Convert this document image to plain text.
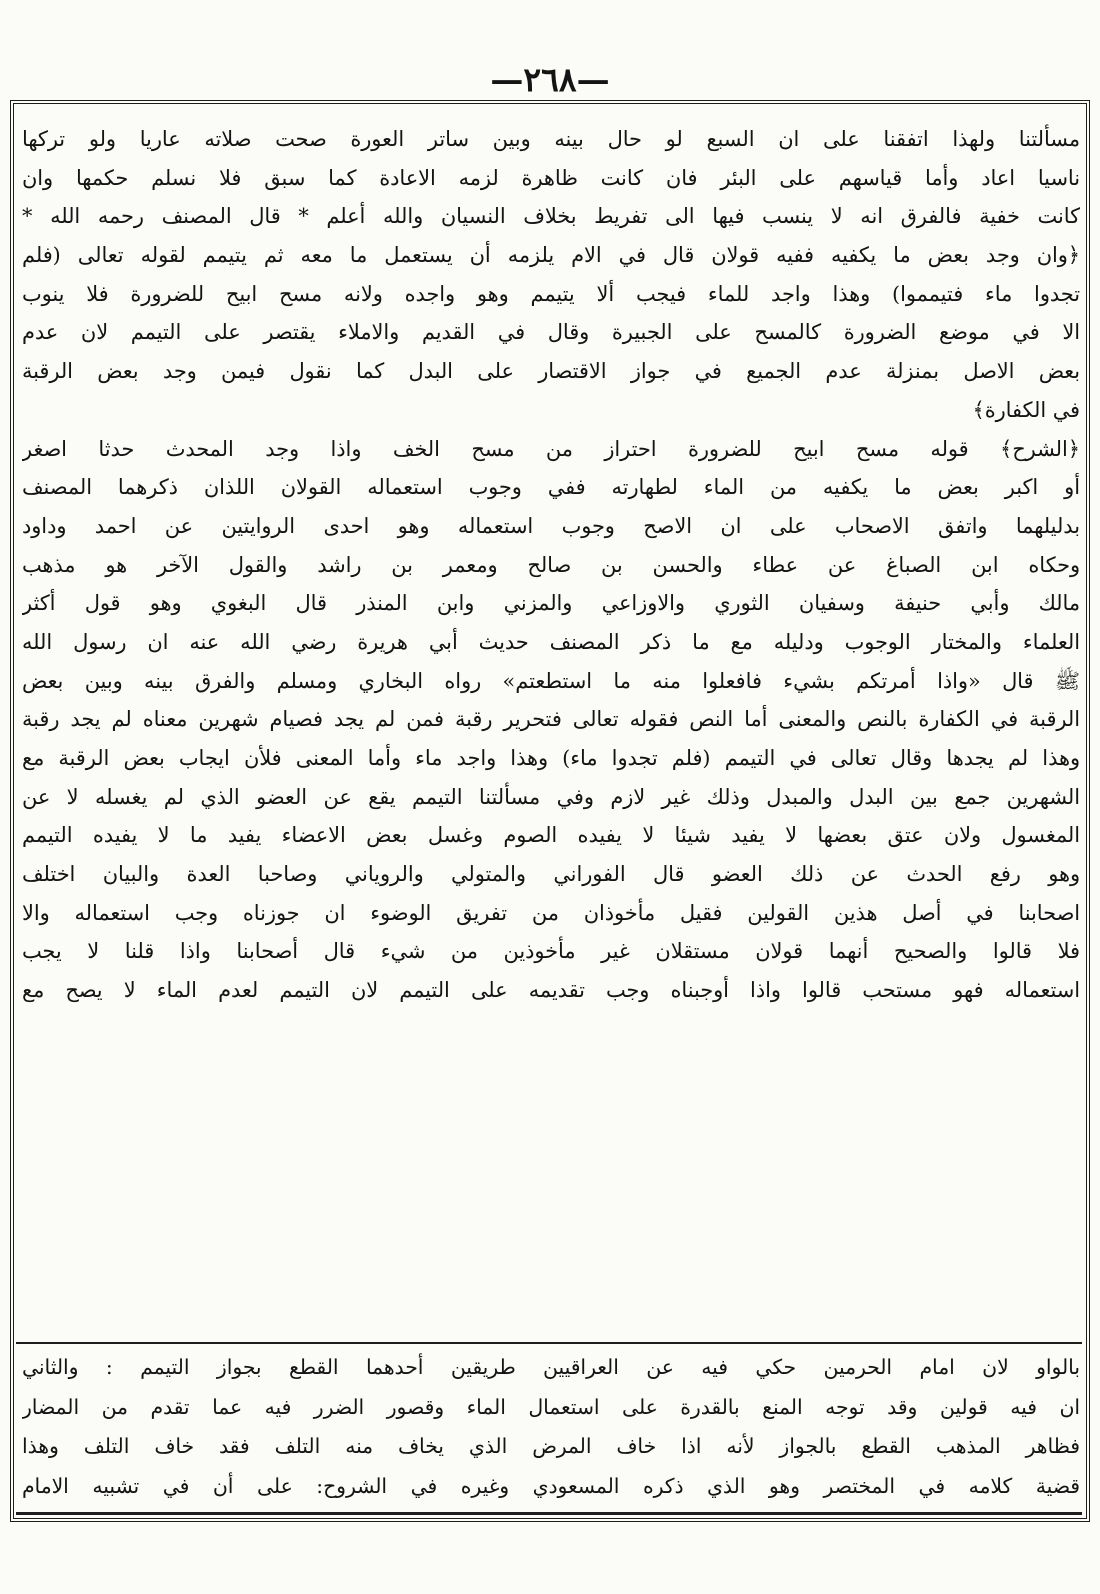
—٢٦٨—
مسألتنا ولهذا اتفقنا على ان السبع لو حال بينه وبين ساتر العورة صحت صلاته عاريا ولو تركها
ناسيا اعاد وأما قياسهم على البئر فان كانت ظاهرة لزمه الاعادة كما سبق فلا نسلم حكمها وان
كانت خفية فالفرق انه لا ينسب فيها الى تفريط بخلاف النسيان والله أعلم * قال المصنف رحمه الله *
﴿وان وجد بعض ما يكفيه ففيه قولان قال في الام يلزمه أن يستعمل ما معه ثم يتيمم لقوله تعالى (فلم
تجدوا ماء فتيمموا) وهذا واجد للماء فيجب ألا يتيمم وهو واجده ولانه مسح ابيح للضرورة فلا ينوب
الا في موضع الضرورة كالمسح على الجبيرة وقال في القديم والاملاء يقتصر على التيمم لان عدم
بعض الاصل بمنزلة عدم الجميع في جواز الاقتصار على البدل كما نقول فيمن وجد بعض الرقبة
في الكفارة﴾
﴿الشرح﴾ قوله مسح ابيح للضرورة احتراز من مسح الخف واذا وجد المحدث حدثا اصغر
أو اكبر بعض ما يكفيه من الماء لطهارته ففي وجوب استعماله القولان اللذان ذكرهما المصنف
بدليلهما واتفق الاصحاب على ان الاصح وجوب استعماله وهو احدى الروايتين عن احمد وداود
وحكاه ابن الصباغ عن عطاء والحسن بن صالح ومعمر بن راشد والقول الآخر هو مذهب
مالك وأبي حنيفة وسفيان الثوري والاوزاعي والمزني وابن المنذر قال البغوي وهو قول أكثر
العلماء والمختار الوجوب ودليله مع ما ذكر المصنف حديث أبي هريرة رضي الله عنه ان رسول الله
ﷺ قال «واذا أمرتكم بشيء فافعلوا منه ما استطعتم» رواه البخاري ومسلم والفرق بينه وبين بعض
الرقبة في الكفارة بالنص والمعنى أما النص فقوله تعالى فتحرير رقبة فمن لم يجد فصيام شهرين معناه لم يجد رقبة
وهذا لم يجدها وقال تعالى في التيمم (فلم تجدوا ماء) وهذا واجد ماء وأما المعنى فلأن ايجاب بعض الرقبة مع
الشهرين جمع بين البدل والمبدل وذلك غير لازم وفي مسألتنا التيمم يقع عن العضو الذي لم يغسله لا عن
المغسول ولان عتق بعضها لا يفيد شيئا لا يفيده الصوم وغسل بعض الاعضاء يفيد ما لا يفيده التيمم
وهو رفع الحدث عن ذلك العضو قال الفوراني والمتولي والروياني وصاحبا العدة والبيان اختلف
اصحابنا في أصل هذين القولين فقيل مأخوذان من تفريق الوضوء ان جوزناه وجب استعماله والا
فلا قالوا والصحيح أنهما قولان مستقلان غير مأخوذين من شيء قال أصحابنا واذا قلنا لا يجب
استعماله فهو مستحب قالوا واذا أوجبناه وجب تقديمه على التيمم لان التيمم لعدم الماء لا يصح مع
بالواو لان امام الحرمين حكي فيه عن العراقيين طريقين أحدهما القطع بجواز التيمم : والثاني
ان فيه قولين وقد توجه المنع بالقدرة على استعمال الماء وقصور الضرر فيه عما تقدم من المضار
فظاهر المذهب القطع بالجواز لأنه اذا خاف المرض الذي يخاف منه التلف فقد خاف التلف وهذا
قضية كلامه في المختصر وهو الذي ذكره المسعودي وغيره في الشروح: على أن في تشبيه الامام
